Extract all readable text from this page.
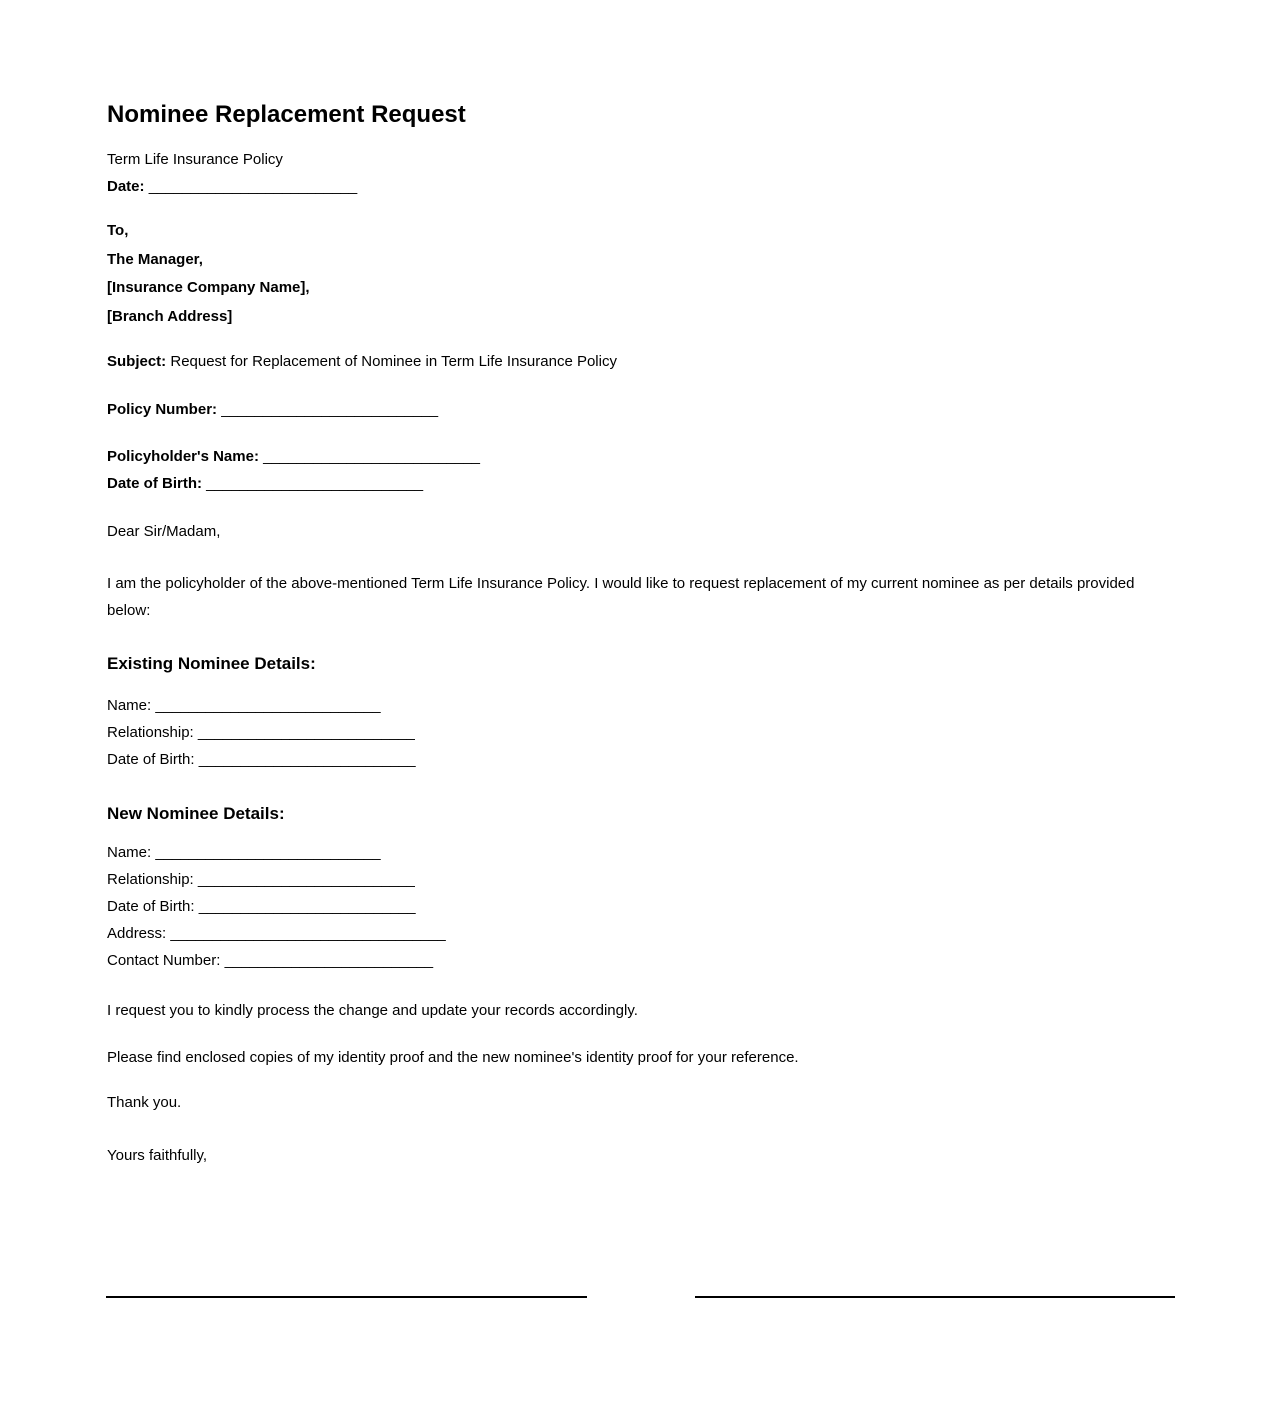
Nominee Replacement Request

Term Life Insurance Policy

Date: _________________________

To,
The Manager,
[Insurance Company Name],
[Branch Address]

Subject: Request for Replacement of Nominee in Term Life Insurance Policy

Policy Number: __________________________

Policyholder's Name: __________________________
Date of Birth: __________________________

Dear Sir/Madam,

I am the policyholder of the above-mentioned Term Life Insurance Policy. I would like to request replacement of my current nominee as per details provided below:

Existing Nominee Details:
Name: ___________________________
Relationship: __________________________
Date of Birth: __________________________
New Nominee Details:
Name: ___________________________
Relationship: __________________________
Date of Birth: __________________________
Address: _________________________________
Contact Number: _________________________

I request you to kindly process the change and update your records accordingly.

Please find enclosed copies of my identity proof and the new nominee's identity proof for your reference.

Thank you.

Yours faithfully,
